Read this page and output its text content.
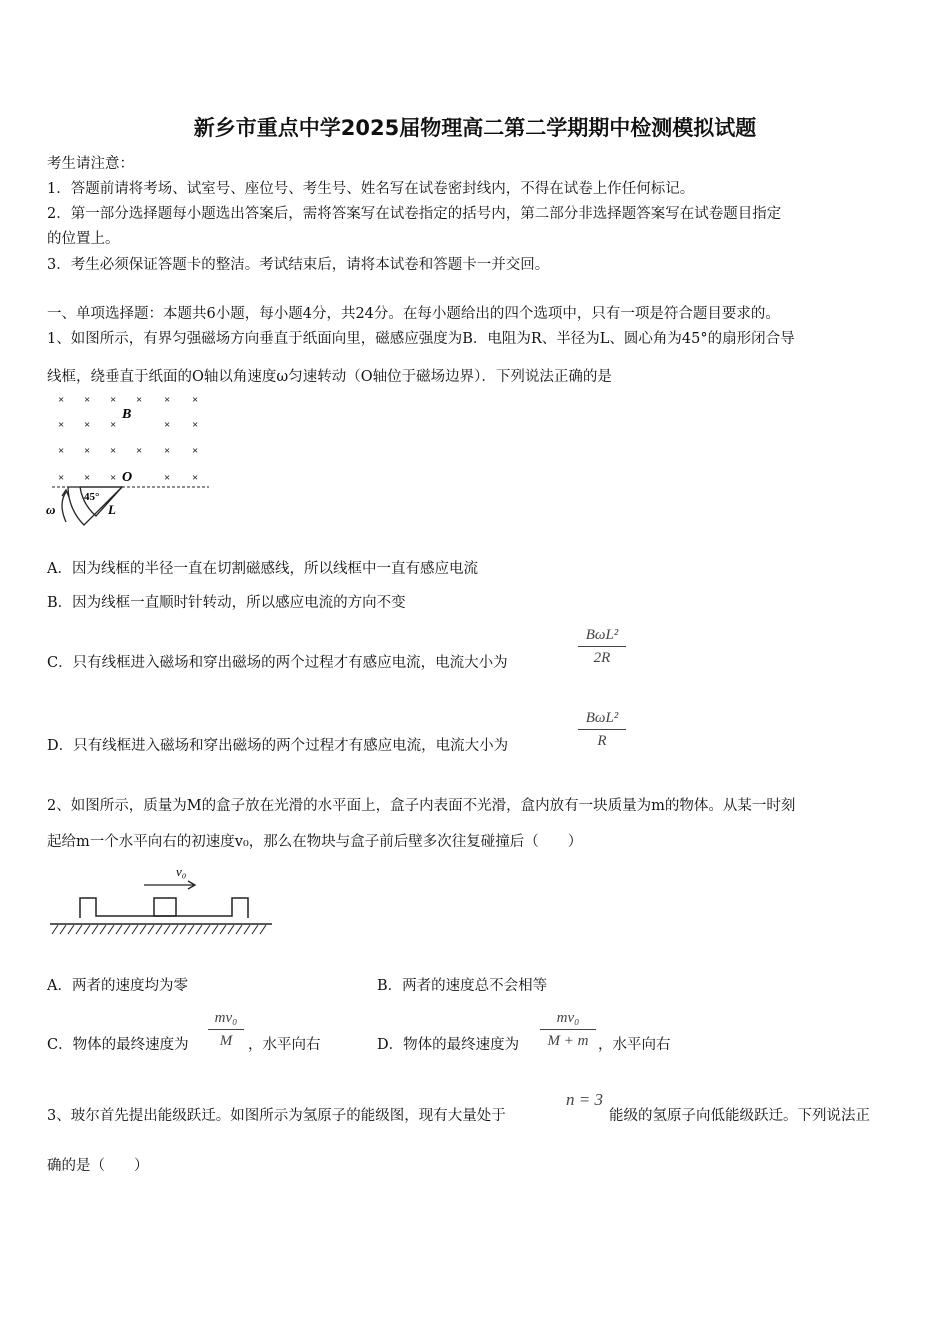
新乡市重点中学2025届物理高二第二学期期中检测模拟试题
考生请注意：
1．答题前请将考场、试室号、座位号、考生号、姓名写在试卷密封线内，不得在试卷上作任何标记。
2．第一部分选择题每小题选出答案后，需将答案写在试卷指定的括号内，第二部分非选择题答案写在试卷题目指定
的位置上。
3．考生必须保证答题卡的整洁。考试结束后，请将本试卷和答题卡一并交回。
一、单项选择题：本题共6小题，每小题4分，共24分。在每小题给出的四个选项中，只有一项是符合题目要求的。
1、如图所示，有界匀强磁场方向垂直于纸面向里，磁感应强度为B．电阻为R、半径为L、圆心角为45°的扇形闭合导
线框，绕垂直于纸面的O轴以角速度ω匀速转动（O轴位于磁场边界）．下列说法正确的是
× × × × × ×
× × ×	× ×
× × × × × ×
× × ×	× ×
B
O
45°
L
ω
A．因为线框的半径一直在切割磁感线，所以线框中一直有感应电流
B．因为线框一直顺时针转动，所以感应电流的方向不变
C．只有线框进入磁场和穿出磁场的两个过程才有感应电流，电流大小为
BωL²
2R
D．只有线框进入磁场和穿出磁场的两个过程才有感应电流，电流大小为
BωL²
R
2、如图所示，质量为M的盒子放在光滑的水平面上，盒子内表面不光滑，盒内放有一块质量为m的物体。从某一时刻
起给m一个水平向右的初速度v₀，那么在物块与盒子前后壁多次往复碰撞后（　　）
v₀
A．两者的速度均为零	B．两者的速度总不会相等
C．物体的最终速度为
mv₀
M	，水平向右	D．物体的最终速度为
mv₀
M + m ，水平向右
3、玻尔首先提出能级跃迁。如图所示为氢原子的能级图，现有大量处于
n = 3
能级的氢原子向低能级跃迁。下列说法正
确的是（　　）
